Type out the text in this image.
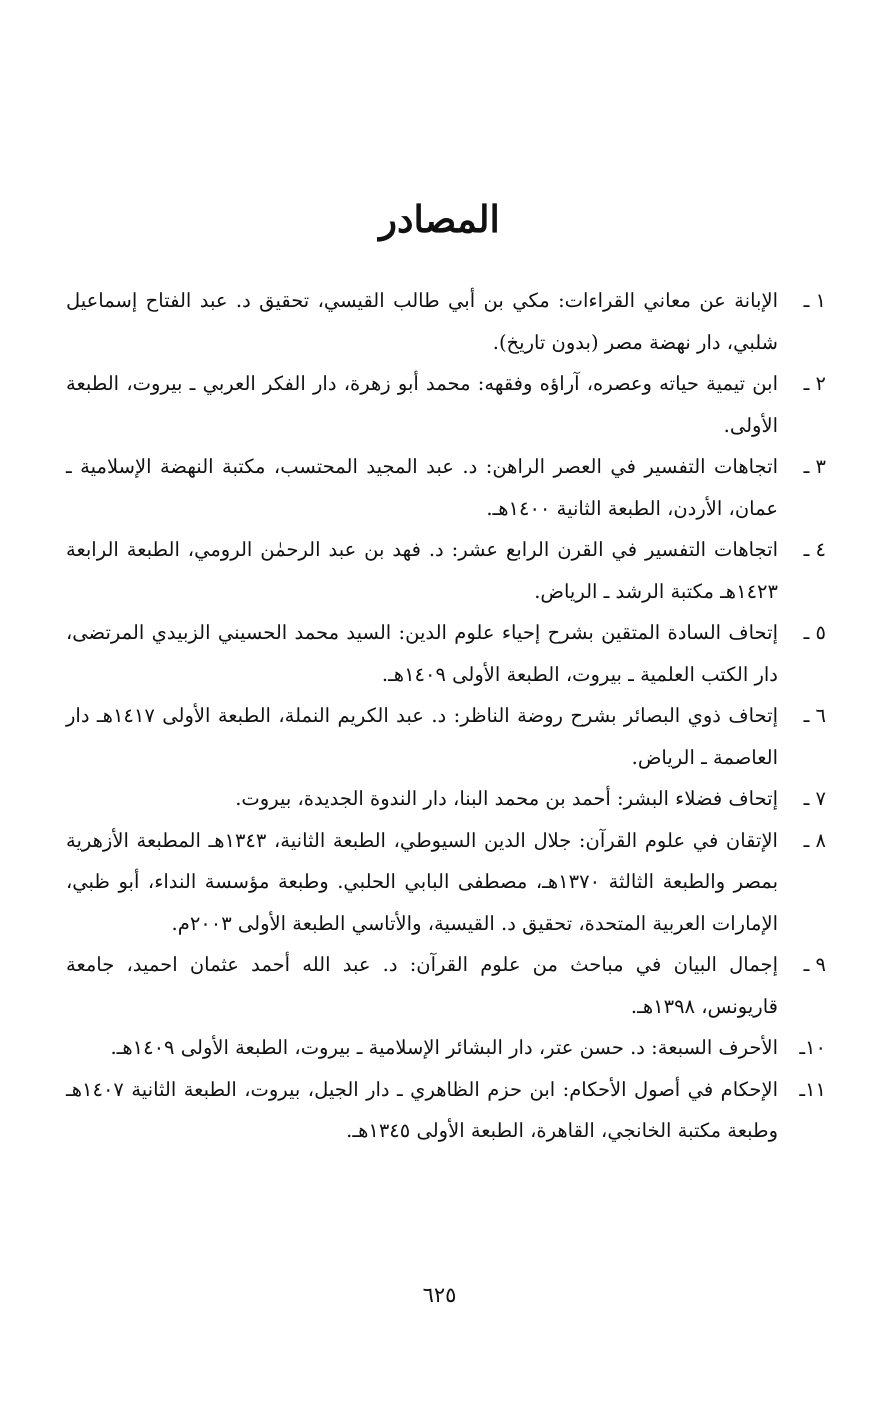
المصادر
١ ـ
الإبانة عن معاني القراءات: مكي بن أبي طالب القيسي، تحقيق د. عبد الفتاح إسماعيل شلبي، دار نهضة مصر (بدون تاريخ).
٢ ـ
ابن تيمية حياته وعصره، آراؤه وفقهه: محمد أبو زهرة، دار الفكر العربي ـ بيروت، الطبعة الأولى.
٣ ـ
اتجاهات التفسير في العصر الراهن: د. عبد المجيد المحتسب، مكتبة النهضة الإسلامية ـ عمان، الأردن، الطبعة الثانية ١٤٠٠هـ.
٤ ـ
اتجاهات التفسير في القرن الرابع عشر: د. فهد بن عبد الرحمٰن الرومي، الطبعة الرابعة ١٤٢٣هـ مكتبة الرشد ـ الرياض.
٥ ـ
إتحاف السادة المتقين بشرح إحياء علوم الدين: السيد محمد الحسيني الزبيدي المرتضى، دار الكتب العلمية ـ بيروت، الطبعة الأولى ١٤٠٩هـ.
٦ ـ
إتحاف ذوي البصائر بشرح روضة الناظر: د. عبد الكريم النملة، الطبعة الأولى ١٤١٧هـ دار العاصمة ـ الرياض.
٧ ـ
إتحاف فضلاء البشر: أحمد بن محمد البنا، دار الندوة الجديدة، بيروت.
٨ ـ
الإتقان في علوم القرآن: جلال الدين السيوطي، الطبعة الثانية، ١٣٤٣هـ المطبعة الأزهرية بمصر والطبعة الثالثة ١٣٧٠هـ، مصطفى البابي الحلبي. وطبعة مؤسسة النداء، أبو ظبي، الإمارات العربية المتحدة، تحقيق د. القيسية، والأتاسي الطبعة الأولى ٢٠٠٣م.
٩ ـ
إجمال البيان في مباحث من علوم القرآن: د. عبد الله أحمد عثمان احميد، جامعة قاريونس، ١٣٩٨هـ.
١٠ـ
الأحرف السبعة: د. حسن عتر، دار البشائر الإسلامية ـ بيروت، الطبعة الأولى ١٤٠٩هـ.
١١ـ
الإحكام في أصول الأحكام: ابن حزم الظاهري ـ دار الجيل، بيروت، الطبعة الثانية ١٤٠٧هـ وطبعة مكتبة الخانجي، القاهرة، الطبعة الأولى ١٣٤٥هـ.
٦٢٥
